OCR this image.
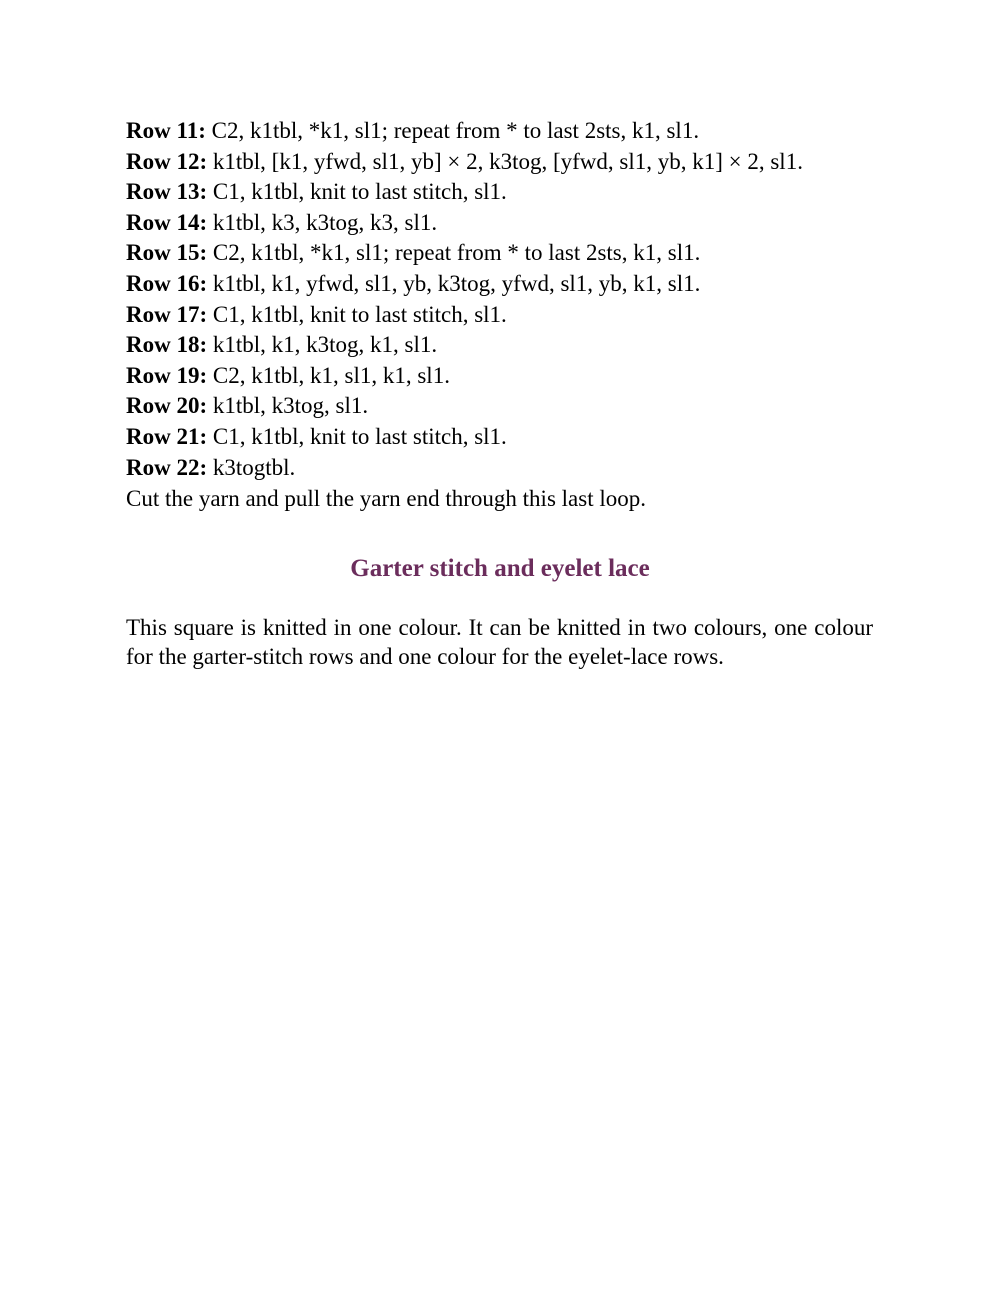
Row 11: C2, k1tbl, *k1, sl1; repeat from * to last 2sts, k1, sl1.
Row 12: k1tbl, [k1, yfwd, sl1, yb] × 2, k3tog, [yfwd, sl1, yb, k1] × 2, sl1.
Row 13: C1, k1tbl, knit to last stitch, sl1.
Row 14: k1tbl, k3, k3tog, k3, sl1.
Row 15: C2, k1tbl, *k1, sl1; repeat from * to last 2sts, k1, sl1.
Row 16: k1tbl, k1, yfwd, sl1, yb, k3tog, yfwd, sl1, yb, k1, sl1.
Row 17: C1, k1tbl, knit to last stitch, sl1.
Row 18: k1tbl, k1, k3tog, k1, sl1.
Row 19: C2, k1tbl, k1, sl1, k1, sl1.
Row 20: k1tbl, k3tog, sl1.
Row 21: C1, k1tbl, knit to last stitch, sl1.
Row 22: k3togtbl.
Cut the yarn and pull the yarn end through this last loop.
Garter stitch and eyelet lace

This square is knitted in one colour. It can be knitted in two colours, one colour for the garter-stitch rows and one colour for the eyelet-lace rows.
